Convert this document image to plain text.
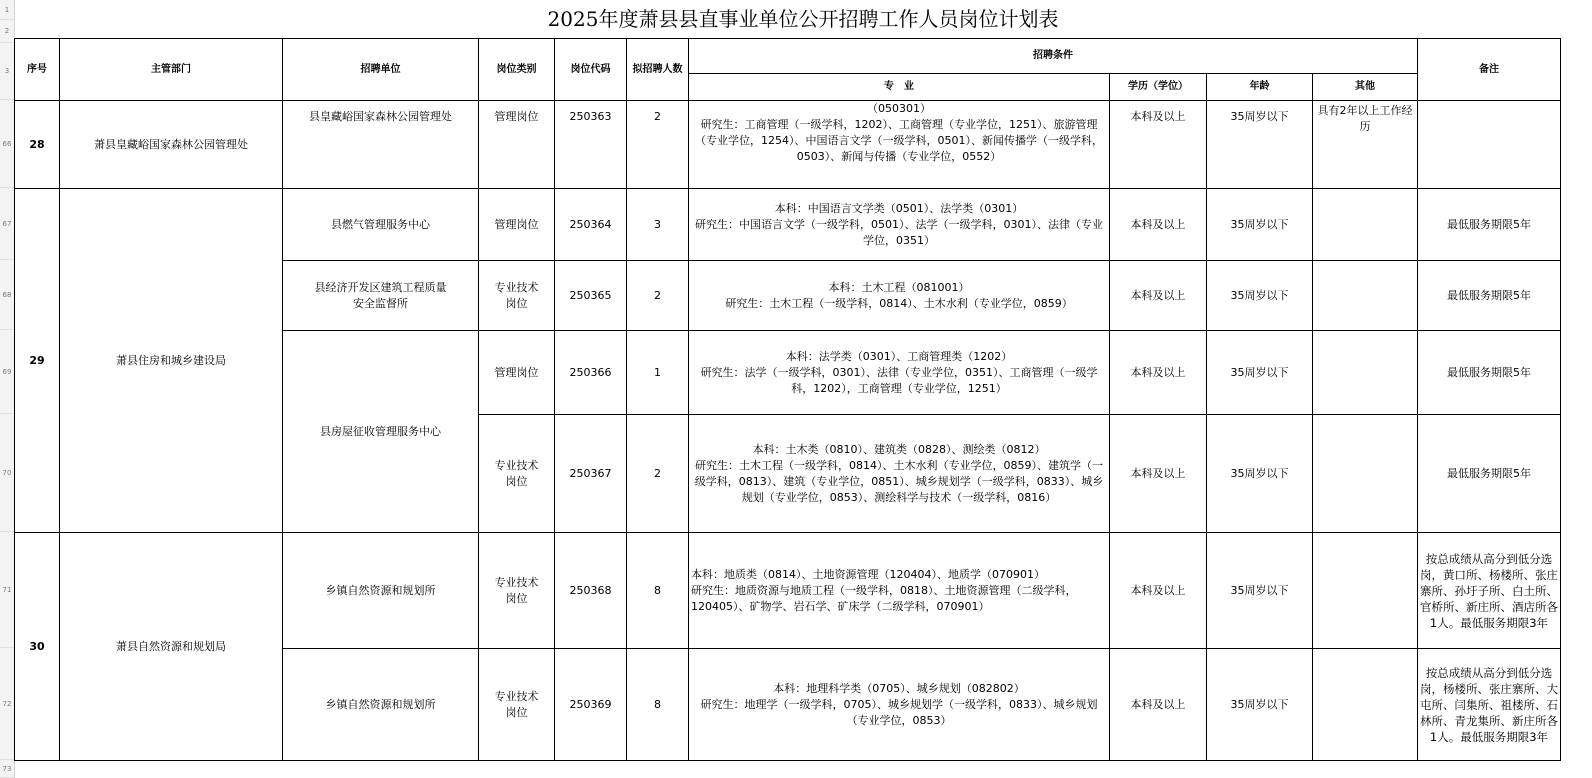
1
2
3
66
67
68
69
70
71
72
73
2025年度萧县县直事业单位公开招聘工作人员岗位计划表
序号	主管部门	招聘单位	岗位类别	岗位代码	拟招聘人数	招聘条件				备注
						专　业	学历（学位）	年龄	其他	
28	萧县皇藏峪国家森林公园管理处	县皇藏峪国家森林公园管理处	管理岗位	250363	2	（050301）
研究生：工商管理（一级学科，1202）、工商管理（专业学位，1251）、旅游管理（专业学位，1254）、中国语言文学（一级学科，0501）、新闻传播学（一级学科，0503）、新闻与传播（专业学位，0552）	本科及以上	35周岁以下	具有2年以上工作经历	
29	萧县住房和城乡建设局	县燃气管理服务中心	管理岗位	250364	3	本科：中国语言文学类（0501）、法学类（0301）
研究生：中国语言文学（一级学科，0501）、法学（一级学科，0301）、法律（专业学位，0351）	本科及以上	35周岁以下		最低服务期限5年
		县经济开发区建筑工程质量安全监督所	专业技术岗位	250365	2	本科：土木工程（081001）
研究生：土木工程（一级学科，0814）、土木水利（专业学位，0859）	本科及以上	35周岁以下		最低服务期限5年
		县房屋征收管理服务中心	管理岗位	250366	1	本科：法学类（0301）、工商管理类（1202）
研究生：法学（一级学科，0301）、法律（专业学位，0351）、工商管理（一级学科，1202），工商管理（专业学位，1251）	本科及以上	35周岁以下		最低服务期限5年
			专业技术岗位	250367	2	本科：土木类（0810）、建筑类（0828）、测绘类（0812）
研究生：土木工程（一级学科，0814）、土木水利（专业学位，0859）、建筑学（一级学科，0813）、建筑（专业学位，0851）、城乡规划学（一级学科，0833）、城乡规划（专业学位，0853）、测绘科学与技术（一级学科，0816）	本科及以上	35周岁以下		最低服务期限5年
30	萧县自然资源和规划局	乡镇自然资源和规划所	专业技术岗位	250368	8	本科：地质类（0814）、土地资源管理（120404）、地质学（070901）
研究生：地质资源与地质工程（一级学科，0818）、土地资源管理（二级学科，120405）、矿物学、岩石学、矿床学（二级学科，070901）	本科及以上	35周岁以下		按总成绩从高分到低分选岗，黄口所、杨楼所、张庄寨所、孙圩子所、白土所、官桥所、新庄所、酒店所各1人。最低服务期限3年
		乡镇自然资源和规划所	专业技术岗位	250369	8	本科：地理科学类（0705）、城乡规划（082802）
研究生：地理学（一级学科，0705）、城乡规划学（一级学科，0833）、城乡规划（专业学位，0853）	本科及以上	35周岁以下		按总成绩从高分到低分选岗，杨楼所、张庄寨所、大屯所、闫集所、祖楼所、石林所、青龙集所、新庄所各1人。最低服务期限3年
